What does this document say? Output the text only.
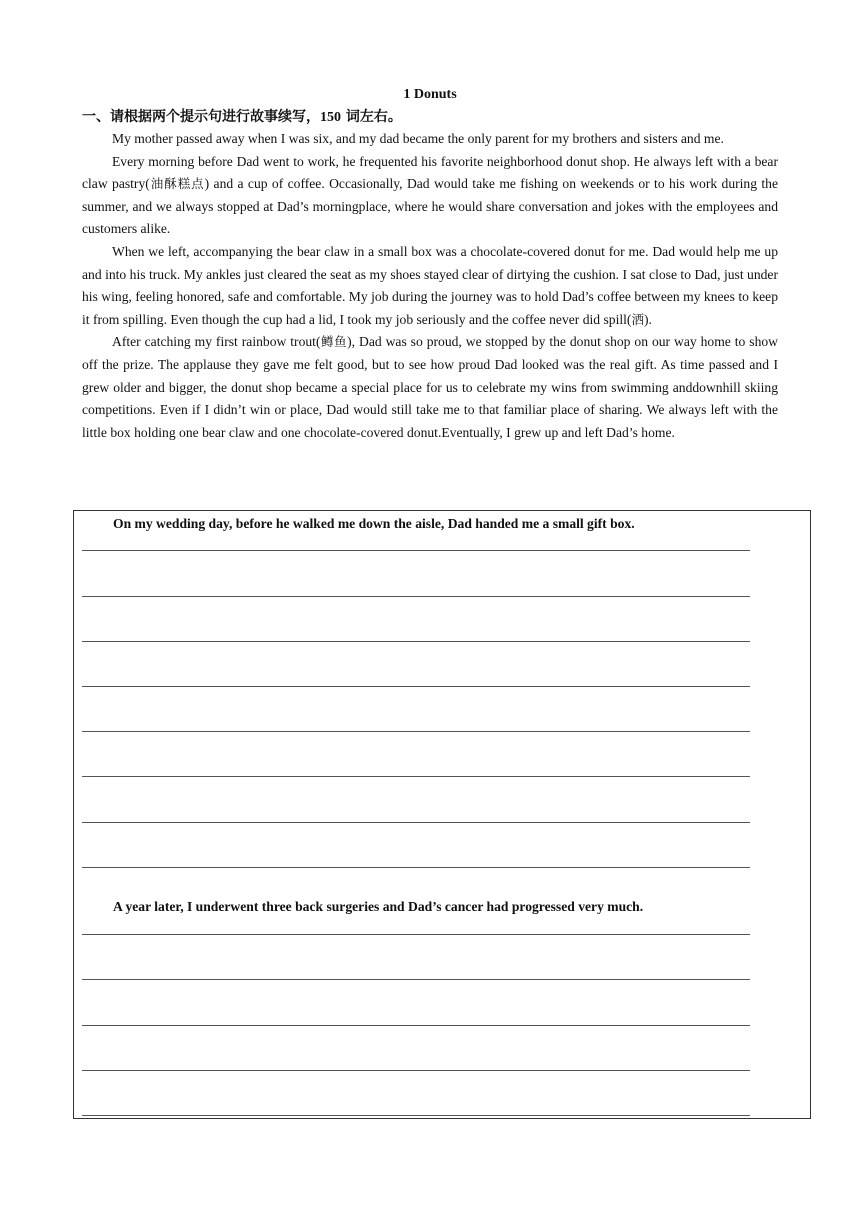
1 Donuts
一、请根据两个提示句进行故事续写，150 词左右。

My mother passed away when I was six, and my dad became the only parent for my brothers and sisters and me.

Every morning before Dad went to work, he frequented his favorite neighborhood donut shop. He always left with a bear claw pastry(油酥糕点) and a cup of coffee. Occasionally, Dad would take me fishing on weekends or to his work during the summer, and we always stopped at Dad’s morningplace, where he would share conversation and jokes with the employees and customers alike.

When we left, accompanying the bear claw in a small box was a chocolate-covered donut for me. Dad would help me up and into his truck. My ankles just cleared the seat as my shoes stayed clear of dirtying the cushion. I sat close to Dad, just under his wing, feeling honored, safe and comfortable. My job during the journey was to hold Dad’s coffee between my knees to keep it from spilling. Even though the cup had a lid, I took my job seriously and the coffee never did spill(洒).

After catching my first rainbow trout(鳟鱼), Dad was so proud, we stopped by the donut shop on our way home to show off the prize. The applause they gave me felt good, but to see how proud Dad looked was the real gift. As time passed and I grew older and bigger, the donut shop became a special place for us to celebrate my wins from swimming anddownhill skiing competitions. Even if I didn’t win or place, Dad would still take me to that familiar place of sharing. We always left with the little box holding one bear claw and one chocolate-covered donut.Eventually, I grew up and left Dad’s home.

On my wedding day, before he walked me down the aisle, Dad handed me a small gift box.
A year later, I underwent three back surgeries and Dad’s cancer had progressed very much.
